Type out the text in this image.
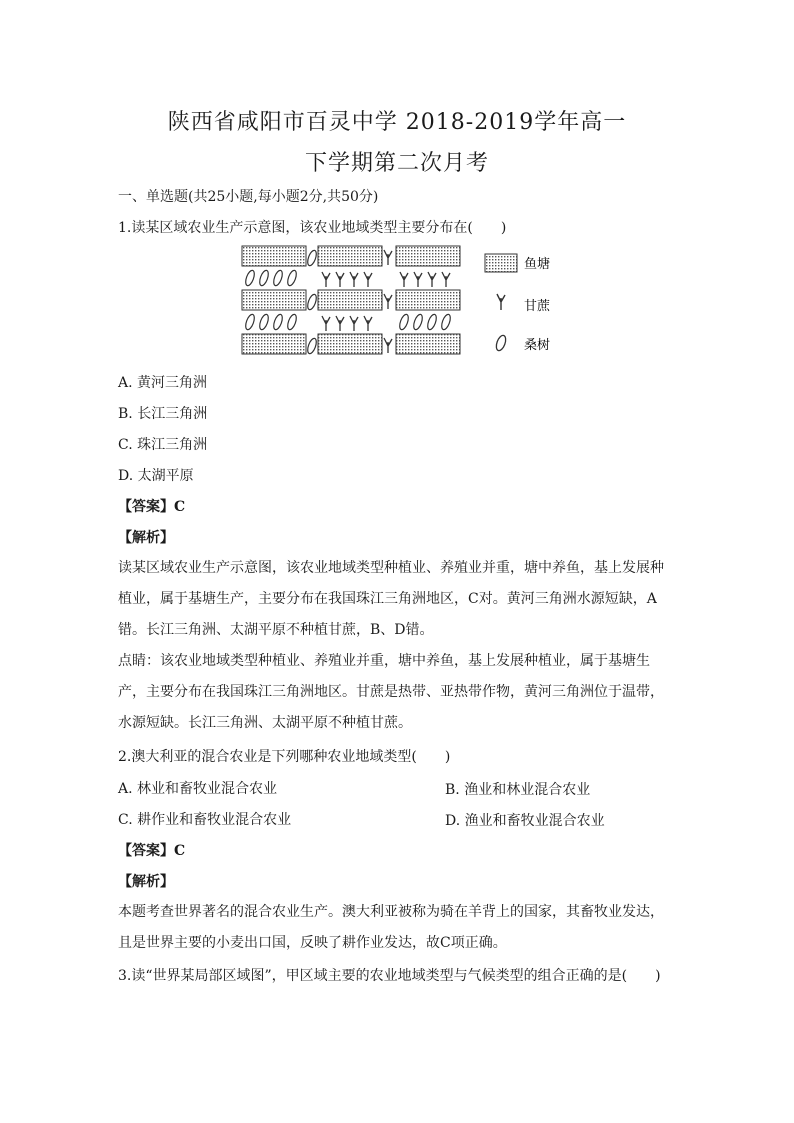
陕西省咸阳市百灵中学 2018-2019学年高一
下学期第二次月考
一、单选题(共25小题,每小题2分,共50分)
1.读某区域农业生产示意图，该农业地域类型主要分布在(　　)
鱼塘
甘蔗
桑树
A. 黄河三角洲
B. 长江三角洲
C. 珠江三角洲
D. 太湖平原
【答案】C
【解析】
读某区域农业生产示意图，该农业地域类型种植业、养殖业并重，塘中养鱼，基上发展种植业，属于基塘生产，主要分布在我国珠江三角洲地区，C对。黄河三角洲水源短缺，A错。长江三角洲、太湖平原不种植甘蔗，B、D错。
点睛：该农业地域类型种植业、养殖业并重，塘中养鱼，基上发展种植业，属于基塘生产，主要分布在我国珠江三角洲地区。甘蔗是热带、亚热带作物，黄河三角洲位于温带，水源短缺。长江三角洲、太湖平原不种植甘蔗。
2.澳大利亚的混合农业是下列哪种农业地域类型(　　)
A. 林业和畜牧业混合农业	B. 渔业和林业混合农业
C. 耕作业和畜牧业混合农业	D. 渔业和畜牧业混合农业
【答案】C
【解析】
本题考查世界著名的混合农业生产。澳大利亚被称为骑在羊背上的国家，其畜牧业发达，且是世界主要的小麦出口国，反映了耕作业发达，故C项正确。
3.读“世界某局部区域图”，甲区域主要的农业地域类型与气候类型的组合正确的是(　　)
